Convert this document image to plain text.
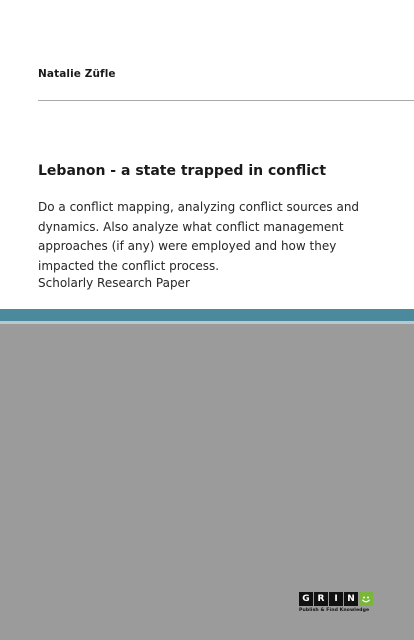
Natalie Züfle
Lebanon - a state trapped in conflict
Do a conflict mapping, analyzing conflict sources and dynamics. Also analyze what conflict management approaches (if any) were employed and how they impacted the conflict process.
Scholarly Research Paper
G R	I	N
Publish & Find Knowledge
